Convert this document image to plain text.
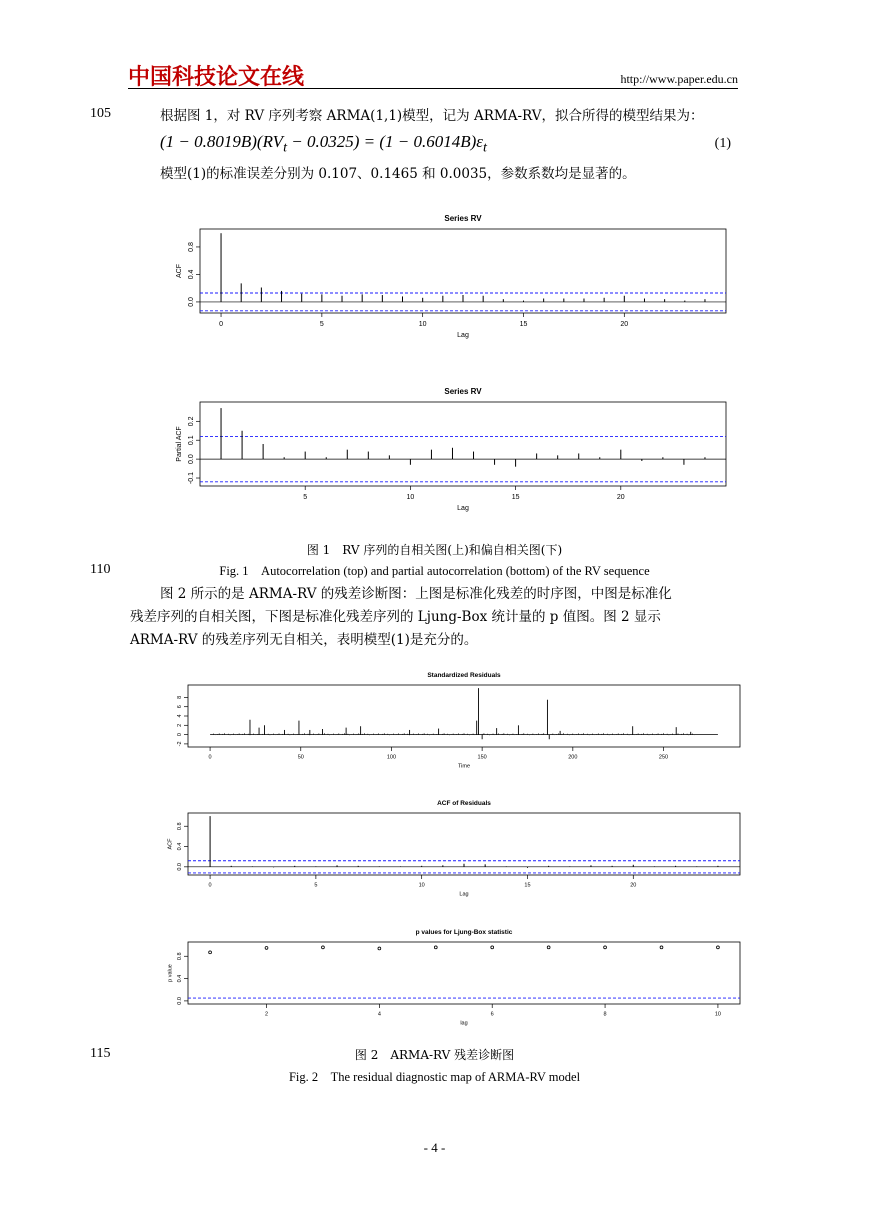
中国科技论文在线	http://www.paper.edu.cn
105
110
115
根据图 1，对 RV 序列考察 ARMA(1,1)模型，记为 ARMA-RV，拟合所得的模型结果为：
$(1 - 0.8019B)(RV_t - 0.0325) = (1 - 0.6014B)\varepsilon_t$	(1)
模型(1)的标准误差分别为 0.107、0.1465 和 0.0035，参数系数均是显著的。
Series RV
0	5	10	15	20
Lag
0.0
0.4
0.8
ACF
Series RV
5	10	15	20
Lag
-0.1
0.0
0.1
0.2
Partial ACF
图 1　RV 序列的自相关图(上)和偏自相关图(下)
Fig. 1　Autocorrelation (top) and partial autocorrelation (bottom) of the RV sequence
图 2 所示的是 ARMA-RV 的残差诊断图：上图是标准化残差的时序图，中图是标准化
残差序列的自相关图，下图是标准化残差序列的 Ljung-Box 统计量的 p 值图。图 2 显示
ARMA-RV 的残差序列无自相关，表明模型(1)是充分的。
Standardized Residuals
0	50	100	150	200	250
Time
-2
0
2
4
6
8
ACF of Residuals
0	5	10	15	20
Lag
0.0
0.4
0.8
ACF
p values for Ljung-Box statistic
2	4	6	8	10
lag
0.0
0.4
0.8
p value
图 2　ARMA-RV 残差诊断图
Fig. 2　The residual diagnostic map of ARMA-RV model
- 4 -
